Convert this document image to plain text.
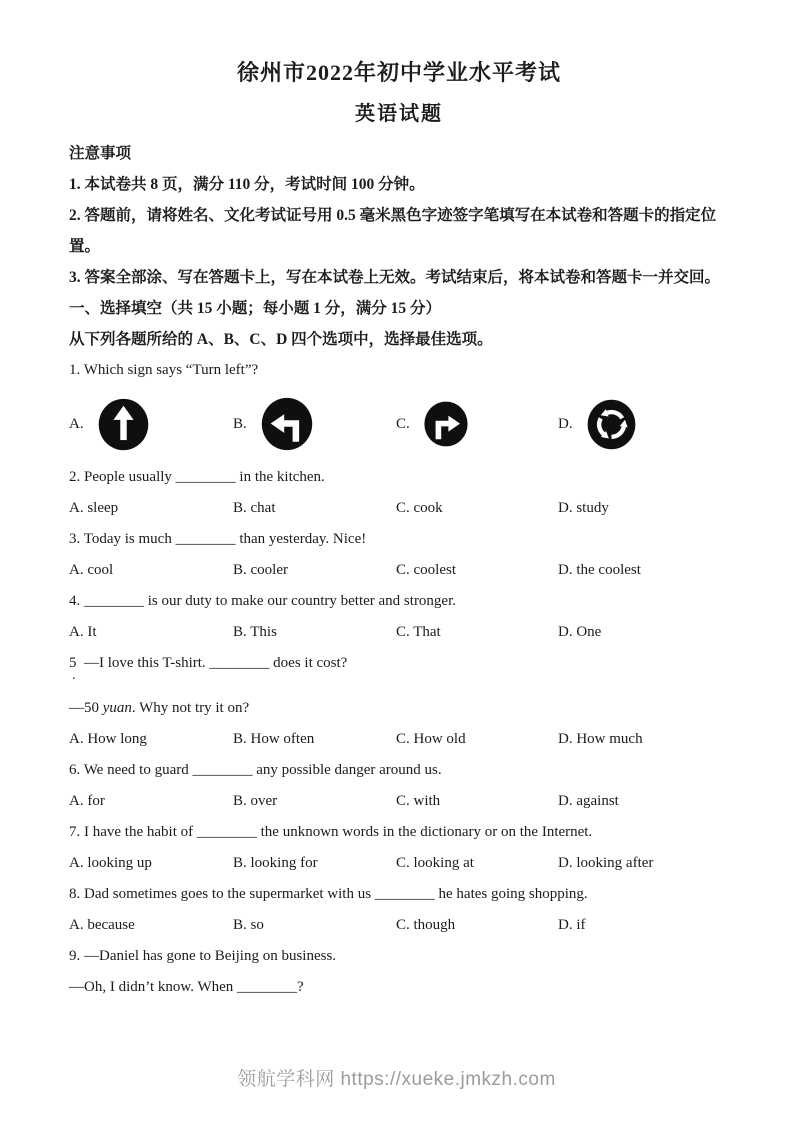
徐州市2022年初中学业水平考试
英语试题
注意事项
1. 本试卷共 8 页，满分 110 分，考试时间 100 分钟。
2. 答题前，请将姓名、文化考试证号用 0.5 毫米黑色字迹签字笔填写在本试卷和答题卡的指定位置。
3. 答案全部涂、写在答题卡上，写在本试卷上无效。考试结束后，将本试卷和答题卡一并交回。
一、选择填空（共 15 小题；每小题 1 分，满分 15 分）
从下列各题所给的 A、B、C、D 四个选项中，选择最佳选项。
1. Which sign says “Turn left”?
A.	B.	C.	D.
2. People usually ________ in the kitchen.
A. sleep	B. chat	C. cook	D. study
3. Today is much ________ than yesterday. Nice!
A. cool	B. cooler	C. coolest	D. the coolest
4. ________ is our duty to make our country better and stronger.
A. It	B. This	C. That	D. One
5 —I love this T-shirt. ________ does it cost?
.
—50 yuan. Why not try it on?
A. How long	B. How often	C. How old	D. How much
6. We need to guard ________ any possible danger around us.
A. for	B. over	C. with	D. against
7. I have the habit of ________ the unknown words in the dictionary or on the Internet.
A. looking up	B. looking for	C. looking at	D. looking after
8. Dad sometimes goes to the supermarket with us ________ he hates going shopping.
A. because	B. so	C. though	D. if
9. —Daniel has gone to Beijing on business.
—Oh, I didn’t know. When ________?
领航学科网 https://xueke.jmkzh.com
